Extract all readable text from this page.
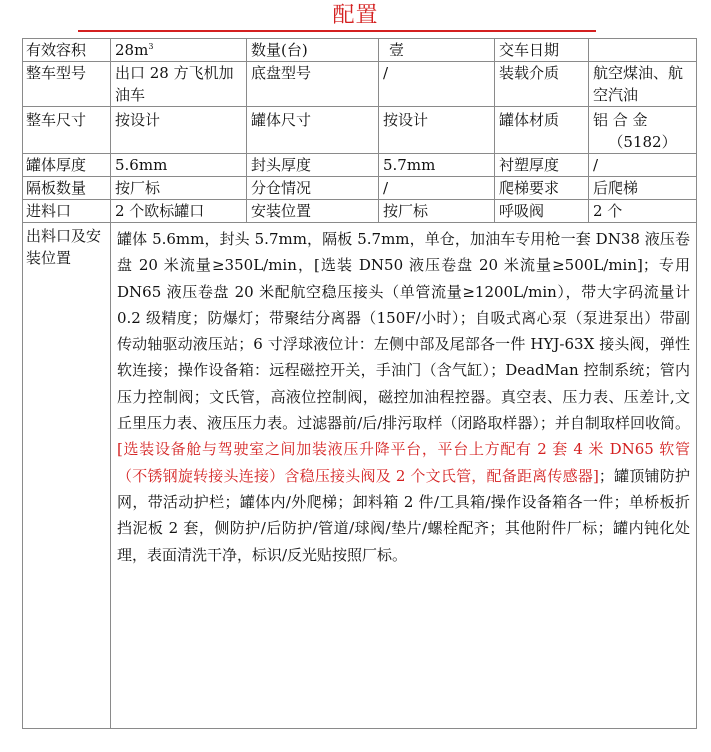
配置
有效容积	$28m^3$	数量(台)	壹	交车日期	
整车型号	出口 28 方飞机加油车	底盘型号	/	装载介质	航空煤油、航空汽油
整车尺寸	按设计	罐体尺寸	按设计	罐体材质	铝 合 金
（5182）

罐体厚度	5.6mm	封头厚度	5.7mm	衬塑厚度	/
隔板数量	按厂标	分仓情况	/	爬梯要求	后爬梯
进料口	2 个欧标罐口	安装位置	按厂标	呼吸阀	2 个
出料口及安装位置	罐体 5.6mm，封头 5.7mm，隔板 5.7mm，单仓，加油车专用枪一套 DN38 液压卷盘 20 米流量≥350L/min，[选装 DN50 液压卷盘 20 米流量≥500L/min]；专用 DN65 液压卷盘 20 米配航空稳压接头（单管流量≥1200L/min），带大字码流量计 0.2 级精度；防爆灯；带聚结分离器（150F/小时）；自吸式离心泵（泵进泵出）带副传动轴驱动液压站；6 寸浮球液位计：左侧中部及尾部各一件 HYJ-63X 接头阀，弹性软连接；操作设备箱：远程磁控开关，手油门（含气缸）；DeadMan 控制系统；管内压力控制阀；文氏管，高液位控制阀，磁控加油程控器。真空表、压力表、压差计,文丘里压力表、液压压力表。过滤器前/后/排污取样（闭路取样器）；并自制取样回收简。[选装设备舱与驾驶室之间加装液压升降平台，平台上方配有 2 套 4 米 DN65 软管（不锈钢旋转接头连接）含稳压接头阀及 2 个文氏管，配备距离传感器]；罐顶铺防护网，带活动护栏；罐体内/外爬梯；卸料箱 2 件/工具箱/操作设备箱各一件；单桥板折挡泥板 2 套，侧防护/后防护/管道/球阀/垫片/螺栓配齐；其他附件厂标；罐内钝化处理，表面清洗干净，标识/反光贴按照厂标。				
